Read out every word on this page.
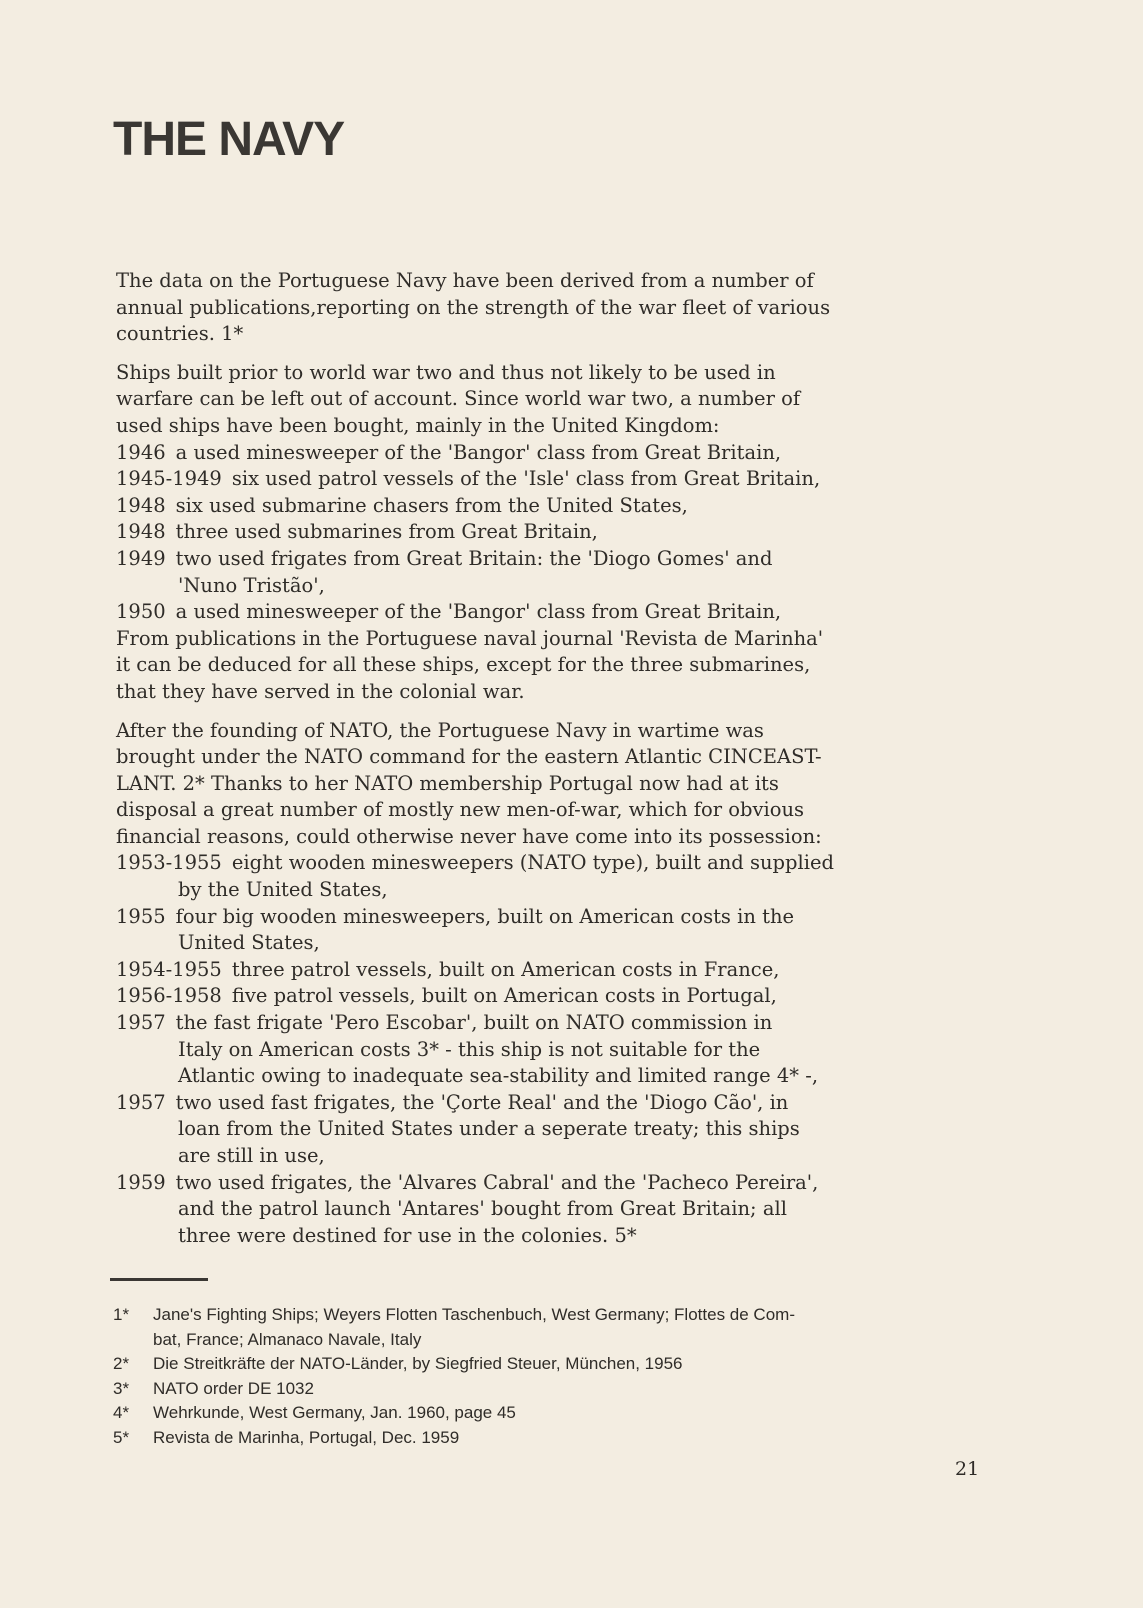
THE NAVY

The data on the Portuguese Navy have been derived from a number of
annual publications,reporting on the strength of the war fleet of various
countries. 1*

Ships built prior to world war two and thus not likely to be used in
warfare can be left out of account. Since world war two, a number of
used ships have been bought, mainly in the United Kingdom:
1946 a used minesweeper of the 'Bangor' class from Great Britain,
1945-1949 six used patrol vessels of the 'Isle' class from Great Britain,
1948 six used submarine chasers from the United States,
1948 three used submarines from Great Britain,
1949 two used frigates from Great Britain: the 'Diogo Gomes' and
'Nuno Tristão',
1950 a used minesweeper of the 'Bangor' class from Great Britain,
From publications in the Portuguese naval journal 'Revista de Marinha'
it can be deduced for all these ships, except for the three submarines,
that they have served in the colonial war.

After the founding of NATO, the Portuguese Navy in wartime was
brought under the NATO command for the eastern Atlantic CINCEAST-
LANT. 2* Thanks to her NATO membership Portugal now had at its
disposal a great number of mostly new men-of-war, which for obvious
financial reasons, could otherwise never have come into its possession:
1953-1955 eight wooden minesweepers (NATO type), built and supplied
by the United States,
1955 four big wooden minesweepers, built on American costs in the
United States,
1954-1955 three patrol vessels, built on American costs in France,
1956-1958 five patrol vessels, built on American costs in Portugal,
1957 the fast frigate 'Pero Escobar', built on NATO commission in
Italy on American costs 3* - this ship is not suitable for the
Atlantic owing to inadequate sea-stability and limited range 4* -,
1957 two used fast frigates, the 'Çorte Real' and the 'Diogo Cão', in
loan from the United States under a seperate treaty; this ships
are still in use,
1959 two used frigates, the 'Alvares Cabral' and the 'Pacheco Pereira',
and the patrol launch 'Antares' bought from Great Britain; all
three were destined for use in the colonies. 5*

1*	Jane's Fighting Ships; Weyers Flotten Taschenbuch, West Germany; Flottes de Com-
bat, France; Almanaco Navale, Italy
2*	Die Streitkräfte der NATO-Länder, by Siegfried Steuer, München, 1956
3*	NATO order DE 1032
4*	Wehrkunde, West Germany, Jan. 1960, page 45
5*	Revista de Marinha, Portugal, Dec. 1959
21
